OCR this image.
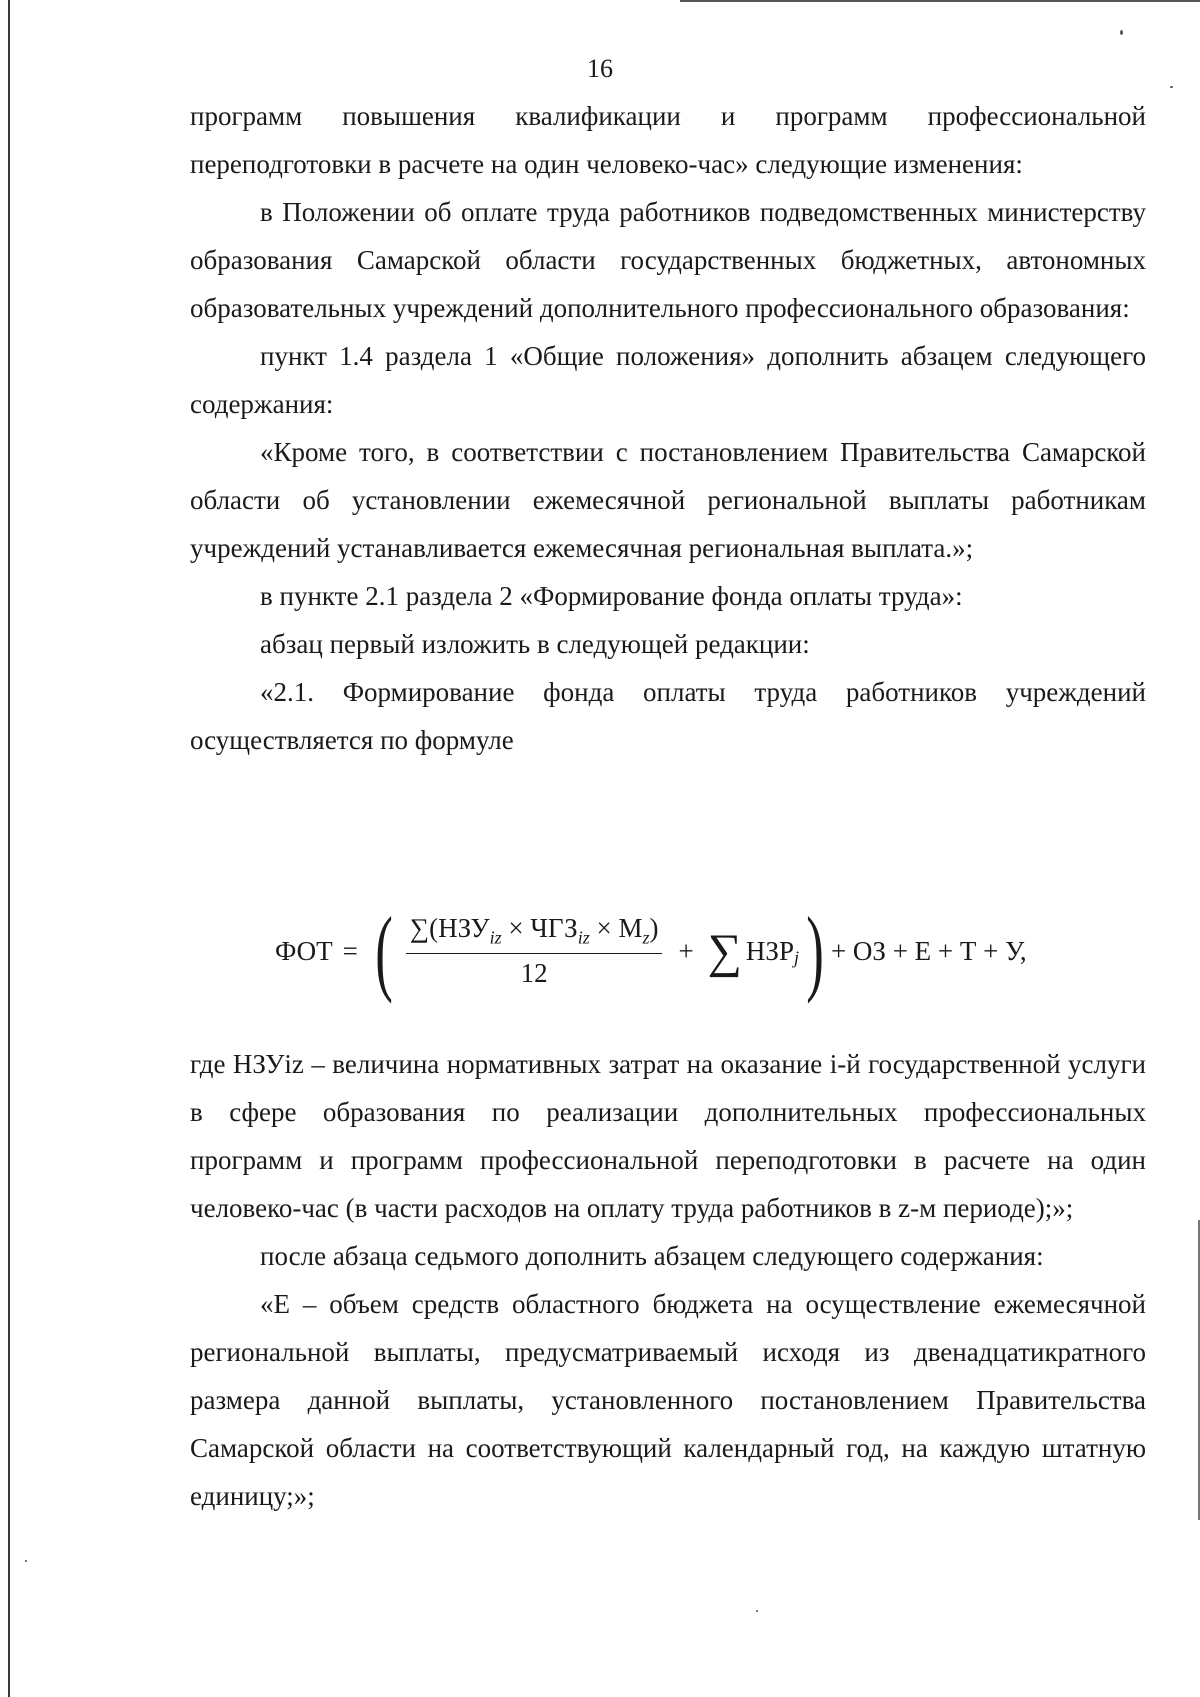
16

программ повышения квалификации и программ профессиональной переподготовки в расчете на один человеко-час» следующие изменения:

в Положении об оплате труда работников подведомственных министерству образования Самарской области государственных бюджетных, автономных образовательных учреждений дополнительного профессионального образования:

пункт 1.4 раздела 1 «Общие положения» дополнить абзацем следующего содержания:

«Кроме того, в соответствии с постановлением Правительства Самарской области об установлении ежемесячной региональной выплаты работникам учреждений устанавливается ежемесячная региональная выплата.»;

в пункте 2.1 раздела 2 «Формирование фонда оплаты труда»:

абзац первый изложить в следующей редакции:

«2.1. Формирование фонда оплаты труда работников учреждений осуществляется по формуле

ФОТ = ( $\frac{\sum(НЗУ_{iz} \times ЧГЗ_{iz} \times М_z)}{12}$ + ∑ НЗР $_j$ ) + ОЗ + Е + Т + У,

где НЗУiz – величина нормативных затрат на оказание i-й государственной услуги в сфере образования по реализации дополнительных профессиональных программ и программ профессиональной переподготовки в расчете на один человеко-час (в части расходов на оплату труда работников в z-м периоде);»;

после абзаца седьмого дополнить абзацем следующего содержания:

«Е – объем средств областного бюджета на осуществление ежемесячной региональной выплаты, предусматриваемый исходя из двенадцатикратного размера данной выплаты, установленного постановлением Правительства Самарской области на соответствующий календарный год, на каждую штатную единицу;»;
